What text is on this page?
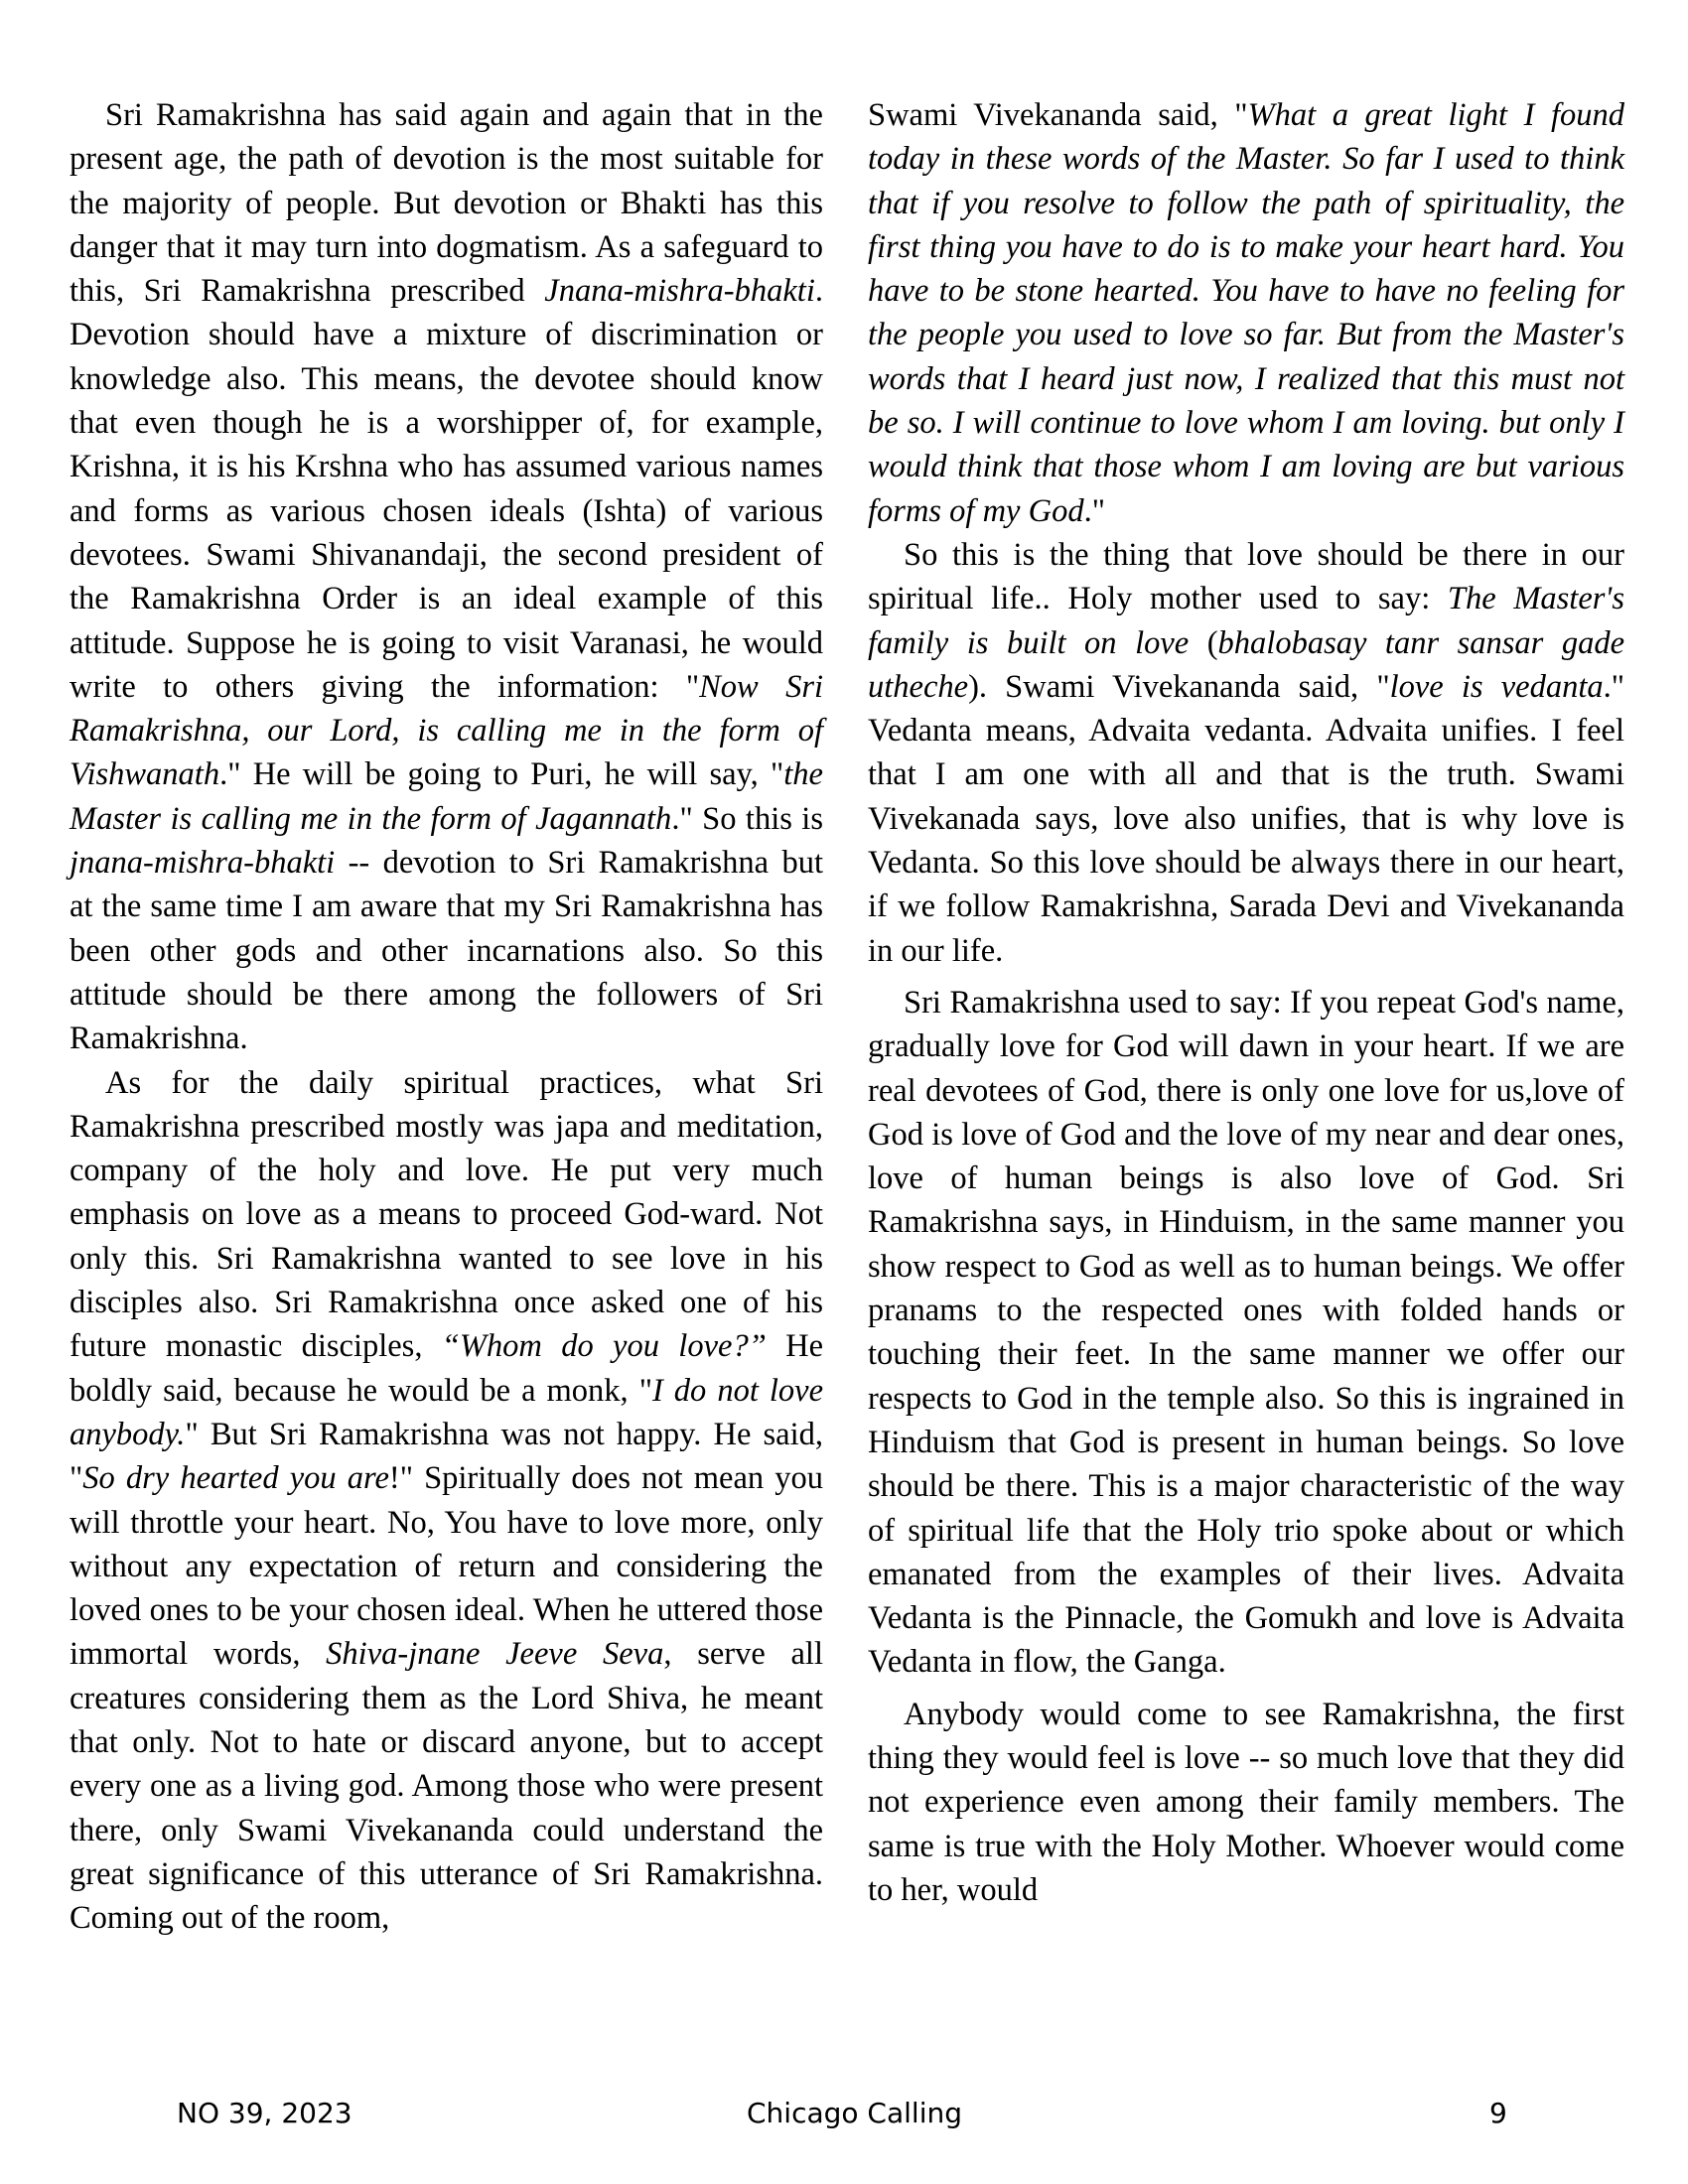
Sri Ramakrishna has said again and again that in the present age, the path of devotion is the most suitable for the majority of people. But devotion or Bhakti has this danger that it may turn into dogmatism. As a safeguard to this, Sri Ramakrishna prescribed Jnana-mishra-bhakti. Devotion should have a mixture of discrimination or knowledge also. This means, the devotee should know that even though he is a worshipper of, for example, Krishna, it is his Krshna who has assumed various names and forms as various chosen ideals (Ishta) of various devotees. Swami Shivanandaji, the second president of the Ramakrishna Order is an ideal example of this attitude. Suppose he is going to visit Varanasi, he would write to others giving the information: "Now Sri Ramakrishna, our Lord, is calling me in the form of Vishwanath." He will be going to Puri, he will say, "the Master is calling me in the form of Jagannath." So this is jnana-mishra-bhakti -- devotion to Sri Ramakrishna but at the same time I am aware that my Sri Ramakrishna has been other gods and other incarnations also. So this attitude should be there among the followers of Sri Ramakrishna.

As for the daily spiritual practices, what Sri Ramakrishna prescribed mostly was japa and meditation, company of the holy and love. He put very much emphasis on love as a means to proceed God-ward. Not only this. Sri Ramakrishna wanted to see love in his disciples also. Sri Ramakrishna once asked one of his future monastic disciples, “Whom do you love?” He boldly said, because he would be a monk, "I do not love anybody." But Sri Ramakrishna was not happy. He said, "So dry hearted you are!" Spiritually does not mean you will throttle your heart. No, You have to love more, only without any expectation of return and considering the loved ones to be your chosen ideal. When he uttered those immortal words, Shiva-jnane Jeeve Seva, serve all creatures considering them as the Lord Shiva, he meant that only. Not to hate or discard anyone, but to accept every one as a living god. Among those who were present there, only Swami Vivekananda could understand the great significance of this utterance of Sri Ramakrishna. Coming out of the room,

Swami Vivekananda said, "What a great light I found today in these words of the Master. So far I used to think that if you resolve to follow the path of spirituality, the first thing you have to do is to make your heart hard. You have to be stone hearted. You have to have no feeling for the people you used to love so far. But from the Master's words that I heard just now, I realized that this must not be so. I will continue to love whom I am loving. but only I would think that those whom I am loving are but various forms of my God."

So this is the thing that love should be there in our spiritual life.. Holy mother used to say: The Master's family is built on love (bhalobasay tanr sansar gade utheche). Swami Vivekananda said, "love is vedanta." Vedanta means, Advaita vedanta. Advaita unifies. I feel that I am one with all and that is the truth. Swami Vivekanada says, love also unifies, that is why love is Vedanta. So this love should be always there in our heart, if we follow Ramakrishna, Sarada Devi and Vivekananda in our life.

Sri Ramakrishna used to say: If you repeat God's name, gradually love for God will dawn in your heart. If we are real devotees of God, there is only one love for us,love of God is love of God and the love of my near and dear ones, love of human beings is also love of God. Sri Ramakrishna says, in Hinduism, in the same manner you show respect to God as well as to human beings. We offer pranams to the respected ones with folded hands or touching their feet. In the same manner we offer our respects to God in the temple also. So this is ingrained in Hinduism that God is present in human beings. So love should be there. This is a major characteristic of the way of spiritual life that the Holy trio spoke about or which emanated from the examples of their lives. Advaita Vedanta is the Pinnacle, the Gomukh and love is Advaita Vedanta in flow, the Ganga.

Anybody would come to see Ramakrishna, the first thing they would feel is love -- so much love that they did not experience even among their family members. The same is true with the Holy Mother. Whoever would come to her, would

NO 39, 2023	Chicago Calling	9
